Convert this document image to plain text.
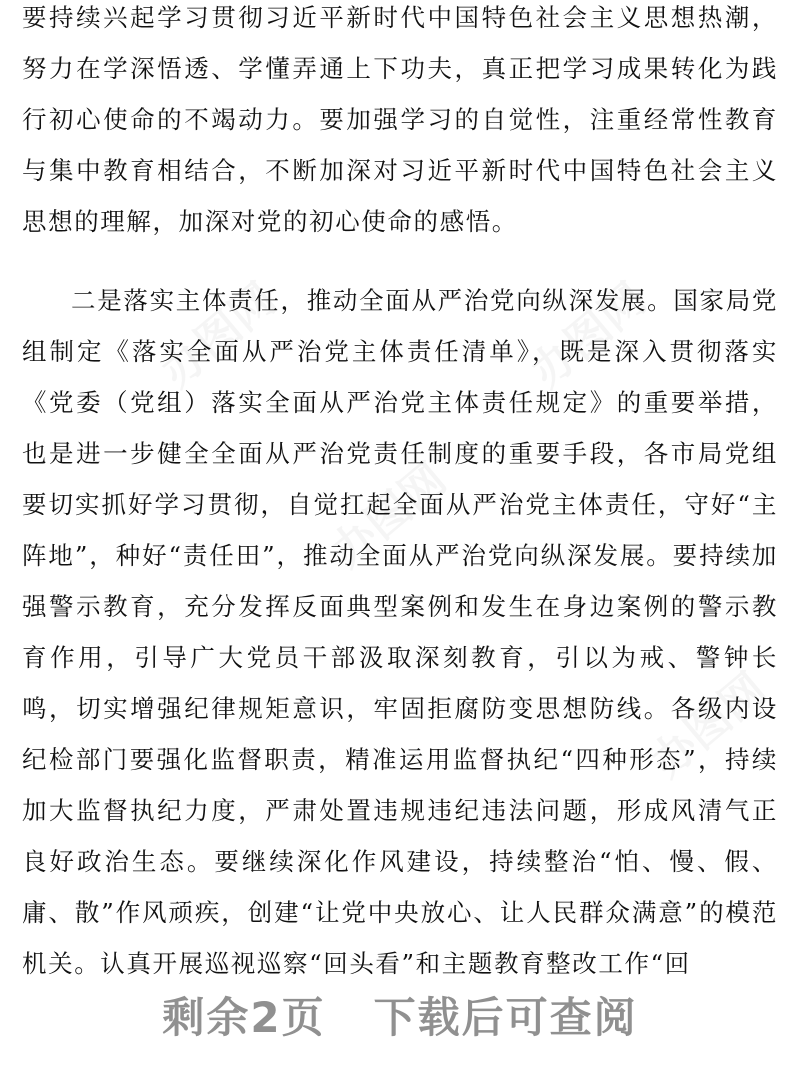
办图网
办图网
办图网
办图网

要持续兴起学习贯彻习近平新时代中国特色社会主义思想热潮，努力在学深悟透、学懂弄通上下功夫，真正把学习成果转化为践行初心使命的不竭动力。要加强学习的自觉性，注重经常性教育与集中教育相结合，不断加深对习近平新时代中国特色社会主义思想的理解，加深对党的初心使命的感悟。

二是落实主体责任，推动全面从严治党向纵深发展。国家局党组制定《落实全面从严治党主体责任清单》，既是深入贯彻落实《党委（党组）落实全面从严治党主体责任规定》的重要举措，也是进一步健全全面从严治党责任制度的重要手段，各市局党组要切实抓好学习贯彻，自觉扛起全面从严治党主体责任，守好“主阵地”，种好“责任田”，推动全面从严治党向纵深发展。要持续加强警示教育，充分发挥反面典型案例和发生在身边案例的警示教育作用，引导广大党员干部汲取深刻教育，引以为戒、警钟长鸣，切实增强纪律规矩意识，牢固拒腐防变思想防线。各级内设纪检部门要强化监督职责，精准运用监督执纪“四种形态”，持续加大监督执纪力度，严肃处置违规违纪违法问题，形成风清气正良好政治生态。要继续深化作风建设，持续整治“怕、慢、假、庸、散”作风顽疾，创建“让党中央放心、让人民群众满意”的模范机关。认真开展巡视巡察“回头看”和主题教育整改工作“回

剩余2页 下载后可查阅
